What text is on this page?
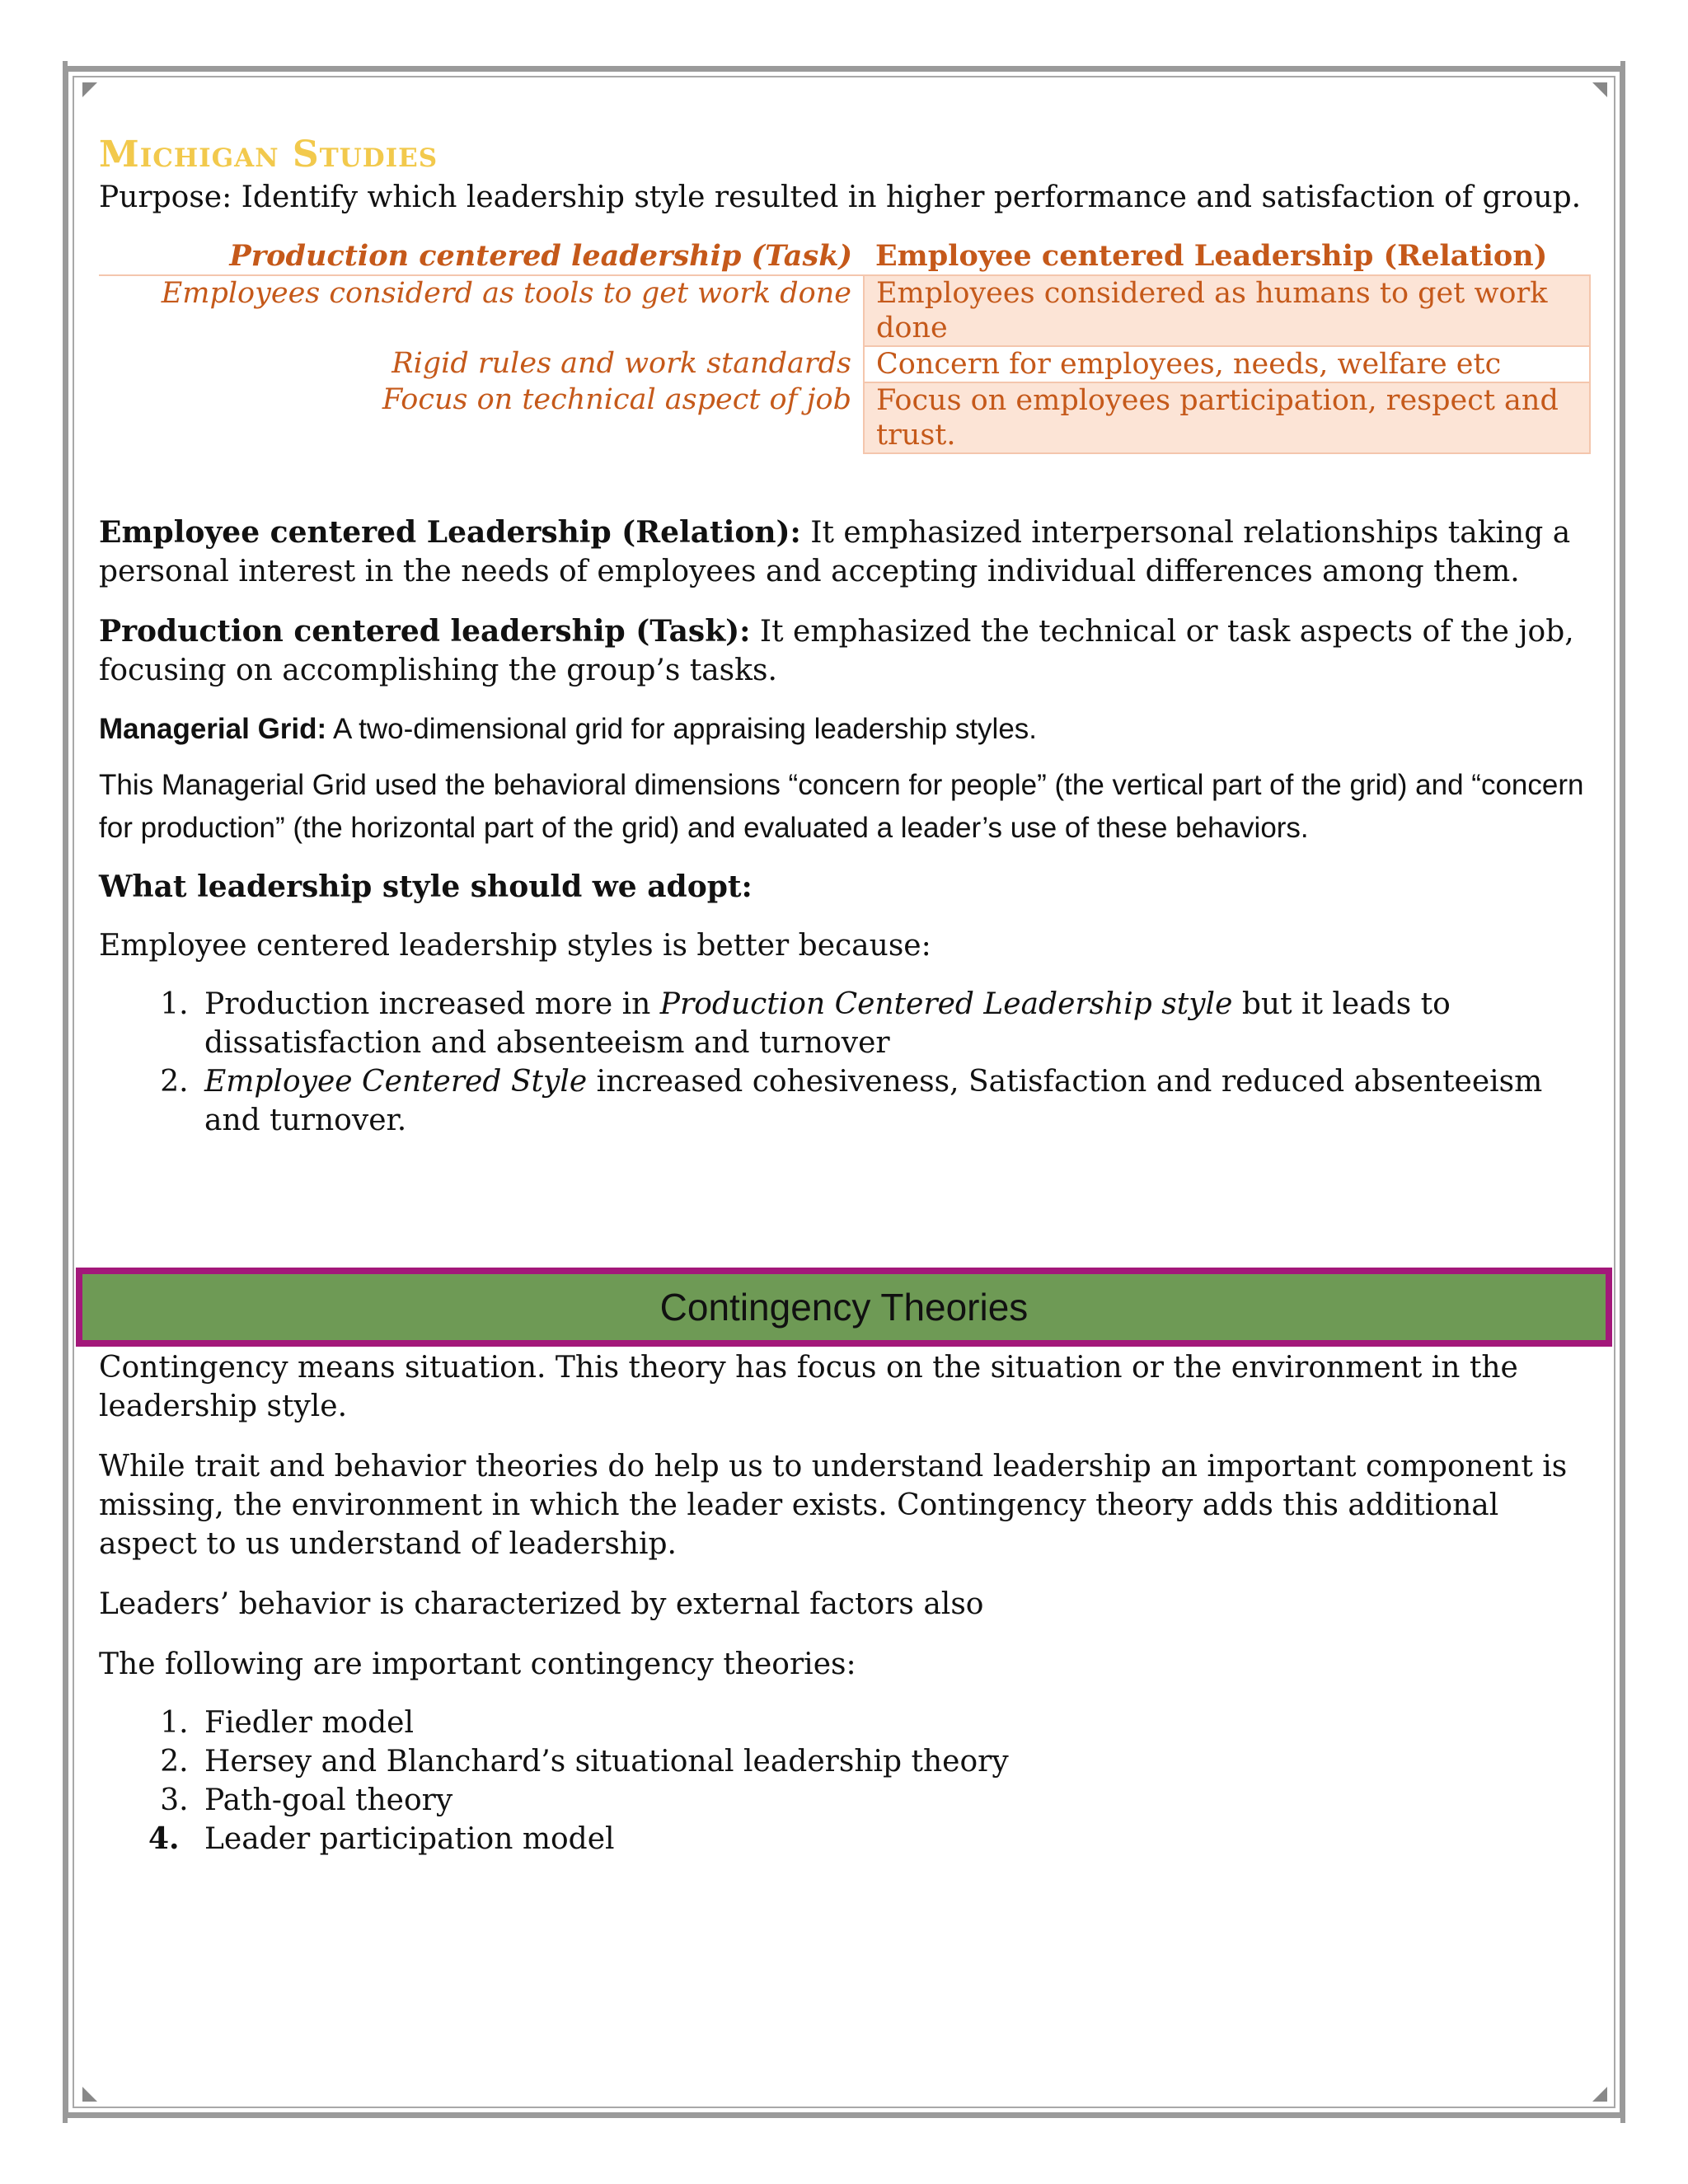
Michigan Studies

Purpose: Identify which leadership style resulted in higher performance and satisfaction of group.

Production centered leadership (Task)	Employee centered Leadership (Relation)
Employees considerd as tools to get work done	Employees considered as humans to get work done
Rigid rules and work standards	Concern for employees, needs, welfare etc
Focus on technical aspect of job	Focus on employees participation, respect and trust.

Employee centered Leadership (Relation): It emphasized interpersonal relationships taking a personal interest in the needs of employees and accepting individual differences among them.

Production centered leadership (Task): It emphasized the technical or task aspects of the job, focusing on accomplishing the group’s tasks.

Managerial Grid: A two-dimensional grid for appraising leadership styles.

This Managerial Grid used the behavioral dimensions “concern for people” (the vertical part of the grid) and “concern for production” (the horizontal part of the grid) and evaluated a leader’s use of these behaviors.

What leadership style should we adopt:

Employee centered leadership styles is better because:

1. Production increased more in Production Centered Leadership style but it leads to dissatisfaction and absenteeism and turnover
2. Employee Centered Style increased cohesiveness, Satisfaction and reduced absenteeism and turnover.
Contingency Theories

Contingency means situation. This theory has focus on the situation or the environment in the leadership style.

While trait and behavior theories do help us to understand leadership an important component is missing, the environment in which the leader exists. Contingency theory adds this additional aspect to us understand of leadership.

Leaders’ behavior is characterized by external factors also

The following are important contingency theories:

1. Fiedler model
2. Hersey and Blanchard’s situational leadership theory
3. Path-goal theory
4. Leader participation model
